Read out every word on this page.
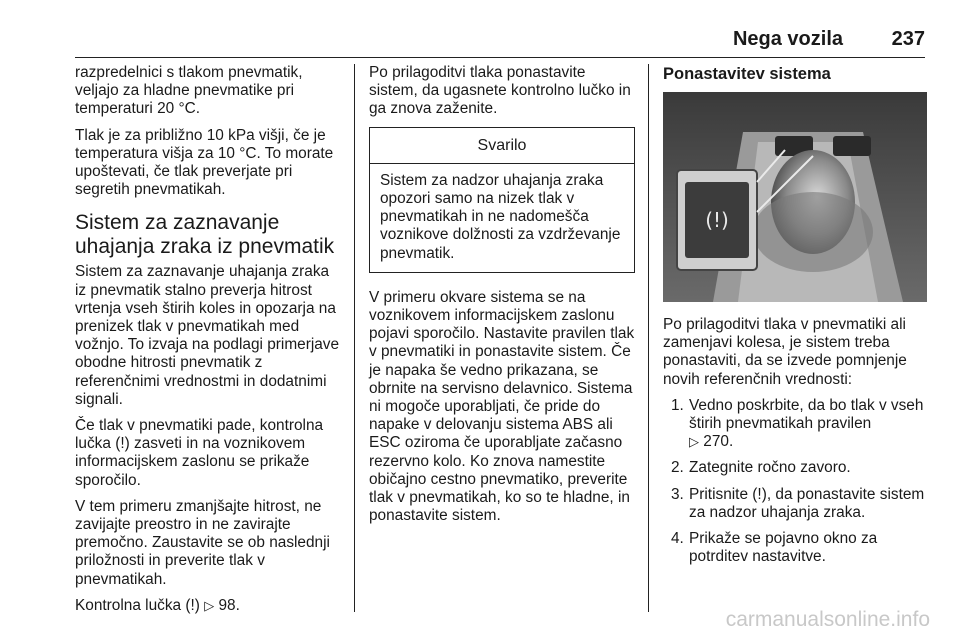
Nega vozila 237

razpredelnici s tlakom pnevmatik, veljajo za hladne pnevmatike pri temperaturi 20 °C.

Tlak je za približno 10 kPa višji, če je temperatura višja za 10 °C. To morate upoštevati, če tlak preverjate pri segretih pnevmatikah.

Sistem za zaznavanje uhajanja zraka iz pnevmatik

Sistem za zaznavanje uhajanja zraka iz pnevmatik stalno preverja hitrost vrtenja vseh štirih koles in opozarja na prenizek tlak v pnevmatikah med vožnjo. To izvaja na podlagi primerjave obodne hitrosti pnevmatik z referenčnimi vrednostmi in dodatnimi signali.

Če tlak v pnevmatiki pade, kontrolna lučka (!) zasveti in na voznikovem informacijskem zaslonu se prikaže sporočilo.

V tem primeru zmanjšajte hitrost, ne zavijajte preostro in ne zavirajte premočno. Zaustavite se ob naslednji priložnosti in preverite tlak v pnevmatikah.

Kontrolna lučka (!) ▷ 98.

Po prilagoditvi tlaka ponastavite sistem, da ugasnete kontrolno lučko in ga znova zaženite.

Svarilo
Sistem za nadzor uhajanja zraka opozori samo na nizek tlak v pnevmatikah in ne nadomešča voznikove dolžnosti za vzdrževanje pnevmatik.

V primeru okvare sistema se na voznikovem informacijskem zaslonu pojavi sporočilo. Nastavite pravilen tlak v pnevmatiki in ponastavite sistem. Če je napaka še vedno prikazana, se obrnite na servisno delavnico. Sistema ni mogoče uporabljati, če pride do napake v delovanju sistema ABS ali ESC oziroma če uporabljate začasno rezervno kolo. Ko znova namestite običajno cestno pnevmatiko, preverite tlak v pnevmatikah, ko so te hladne, in ponastavite sistem.

Ponastavitev sistema
(!)

Po prilagoditvi tlaka v pnevmatiki ali zamenjavi kolesa, je sistem treba ponastaviti, da se izvede pomnjenje novih referenčnih vrednosti:

1. Vedno poskrbite, da bo tlak v vseh štirih pnevmatikah pravilen
▷ 270.
2. Zategnite ročno zavoro.
3. Pritisnite (!), da ponastavite sistem za nadzor uhajanja zraka.
4. Prikaže se pojavno okno za potrditev nastavitve.
carmanualsonline.info
